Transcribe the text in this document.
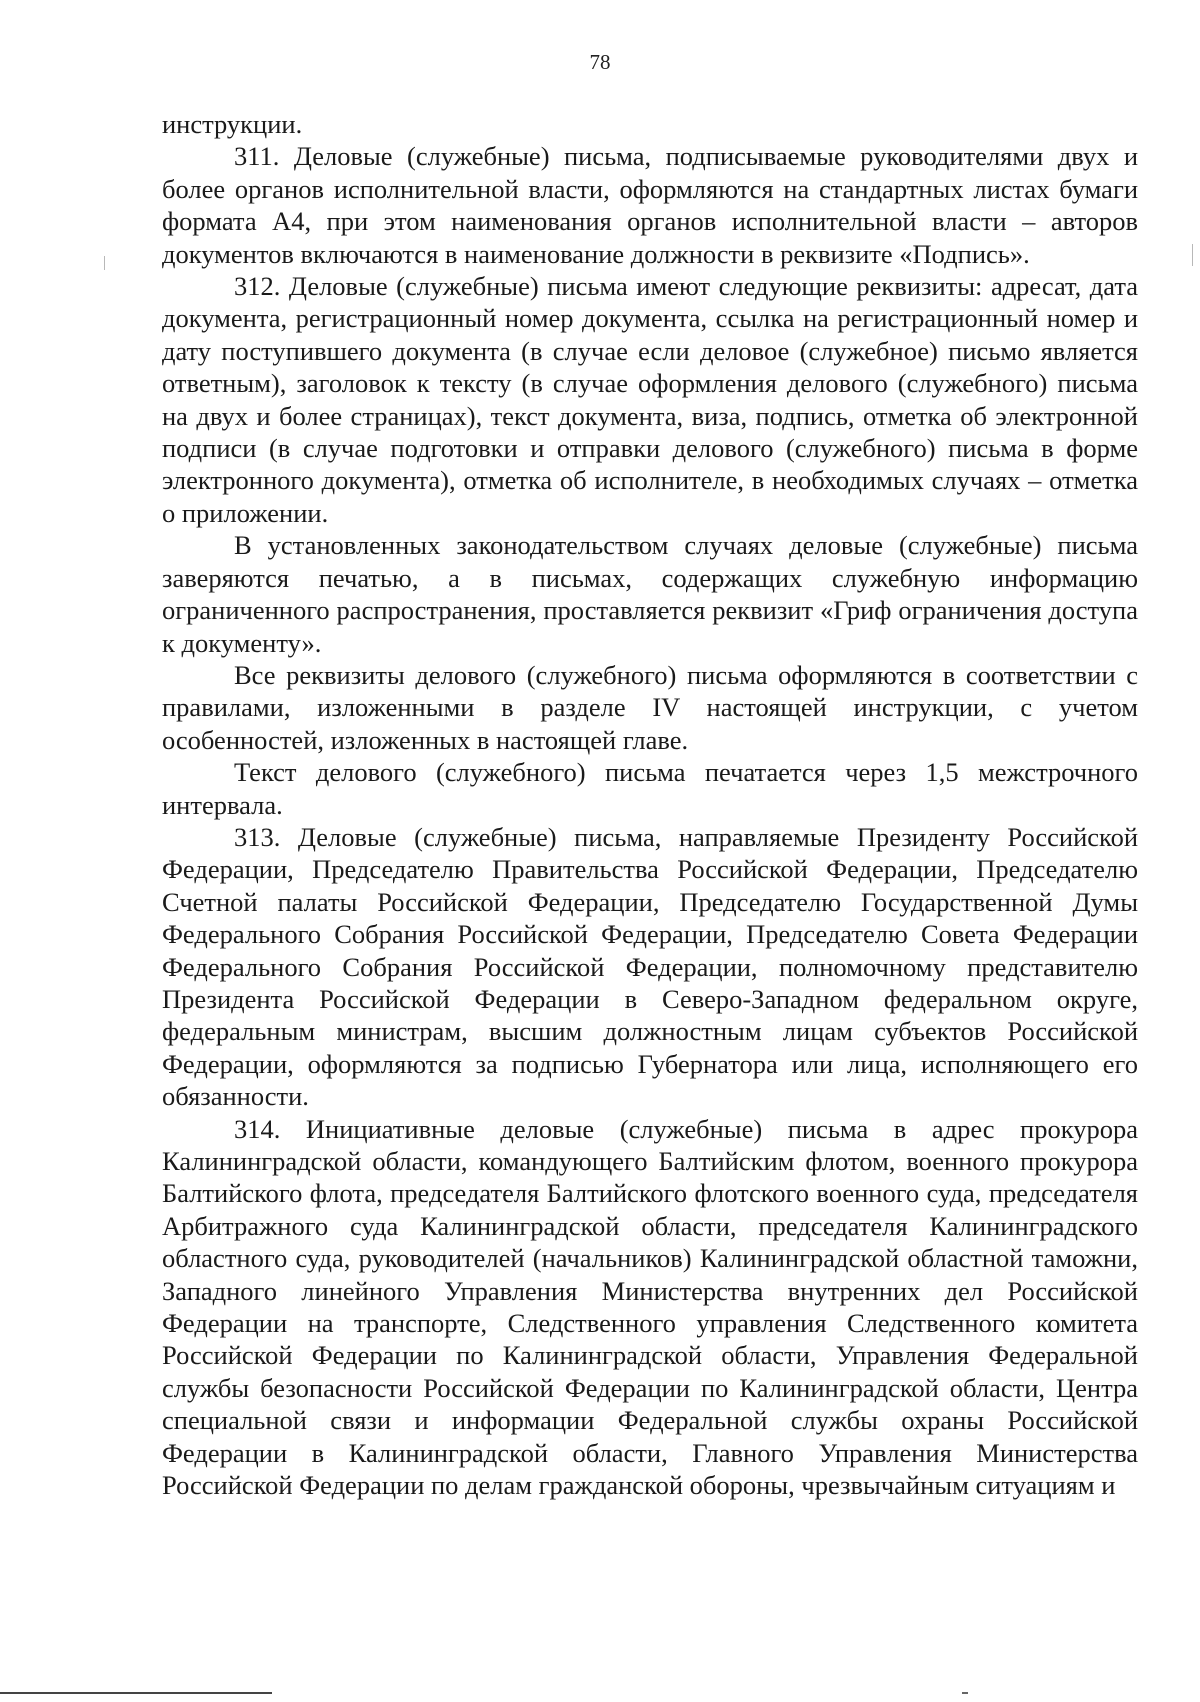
78

инструкции.

311. Деловые (служебные) письма, подписываемые руководителями двух и более органов исполнительной власти, оформляются на стандартных листах бумаги формата А4, при этом наименования органов исполнительной власти – авторов документов включаются в наименование должности в реквизите «Подпись».

312. Деловые (служебные) письма имеют следующие реквизиты: адресат, дата документа, регистрационный номер документа, ссылка на регистрационный номер и дату поступившего документа (в случае если деловое (служебное) письмо является ответным), заголовок к тексту (в случае оформления делового (служебного) письма на двух и более страницах), текст документа, виза, подпись, отметка об электронной подписи (в случае подготовки и отправки делового (служебного) письма в форме электронного документа), отметка об исполнителе, в необходимых случаях – отметка о приложении.

В установленных законодательством случаях деловые (служебные) письма заверяются печатью, а в письмах, содержащих служебную информацию ограниченного распространения, проставляется реквизит «Гриф ограничения доступа к документу».

Все реквизиты делового (служебного) письма оформляются в соответствии с правилами, изложенными в разделе IV настоящей инструкции, с учетом особенностей, изложенных в настоящей главе.

Текст делового (служебного) письма печатается через 1,5 межстрочного интервала.

313. Деловые (служебные) письма, направляемые Президенту Российской Федерации, Председателю Правительства Российской Федерации, Председателю Счетной палаты Российской Федерации, Председателю Государственной Думы Федерального Собрания Российской Федерации, Председателю Совета Федерации Федерального Собрания Российской Федерации, полномочному представителю Президента Российской Федерации в Северо-Западном федеральном округе, федеральным министрам, высшим должностным лицам субъектов Российской Федерации, оформляются за подписью Губернатора или лица, исполняющего его обязанности.

314. Инициативные деловые (служебные) письма в адрес прокурора Калининградской области, командующего Балтийским флотом, военного прокурора Балтийского флота, председателя Балтийского флотского военного суда, председателя Арбитражного суда Калининградской области, председателя Калининградского областного суда, руководителей (начальников) Калининградской областной таможни, Западного линейного Управления Министерства внутренних дел Российской Федерации на транспорте, Следственного управления Следственного комитета Российской Федерации по Калининградской области, Управления Федеральной службы безопасности Российской Федерации по Калининградской области, Центра специальной связи и информации Федеральной службы охраны Российской Федерации в Калининградской области, Главного Управления Министерства Российской Федерации по делам гражданской обороны, чрезвычайным ситуациям и
